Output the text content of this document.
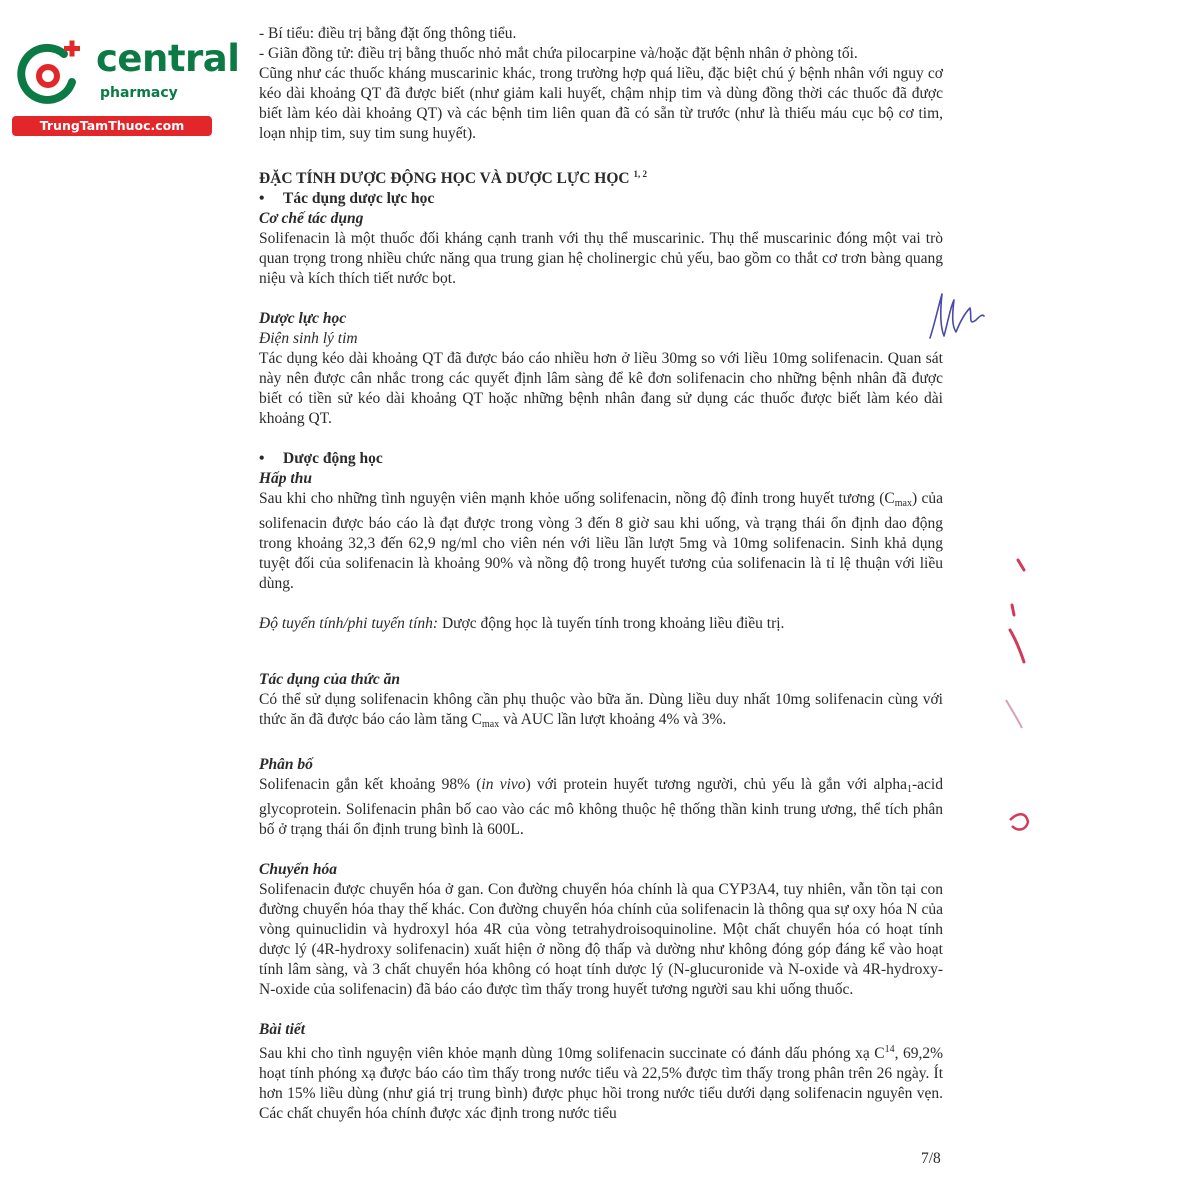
central
pharmacy
TrungTamThuoc.com

- Bí tiểu: điều trị bằng đặt ống thông tiểu.

- Giãn đồng tử: điều trị bằng thuốc nhỏ mắt chứa pilocarpine và/hoặc đặt bệnh nhân ở phòng tối.

Cũng như các thuốc kháng muscarinic khác, trong trường hợp quá liều, đặc biệt chú ý bệnh nhân với nguy cơ kéo dài khoảng QT đã được biết (như giảm kali huyết, chậm nhịp tim và dùng đồng thời các thuốc đã được biết làm kéo dài khoảng QT) và các bệnh tim liên quan đã có sẵn từ trước (như là thiếu máu cục bộ cơ tim, loạn nhịp tim, suy tim sung huyết).

ĐẶC TÍNH DƯỢC ĐỘNG HỌC VÀ DƯỢC LỰC HỌC $^{1, 2}$

• Tác dụng dược lực học

Cơ chế tác dụng

Solifenacin là một thuốc đối kháng cạnh tranh với thụ thể muscarinic. Thụ thể muscarinic đóng một vai trò quan trọng trong nhiều chức năng qua trung gian hệ cholinergic chủ yếu, bao gồm co thắt cơ trơn bàng quang niệu và kích thích tiết nước bọt.

Dược lực học

Điện sinh lý tim

Tác dụng kéo dài khoảng QT đã được báo cáo nhiều hơn ở liều 30mg so với liều 10mg solifenacin. Quan sát này nên được cân nhắc trong các quyết định lâm sàng để kê đơn solifenacin cho những bệnh nhân đã được biết có tiền sử kéo dài khoảng QT hoặc những bệnh nhân đang sử dụng các thuốc được biết làm kéo dài khoảng QT.

• Dược động học

Hấp thu

Sau khi cho những tình nguyện viên mạnh khỏe uống solifenacin, nồng độ đỉnh trong huyết tương $(C_{max})$ của solifenacin được báo cáo là đạt được trong vòng 3 đến 8 giờ sau khi uống, và trạng thái ổn định dao động trong khoảng 32,3 đến 62,9 ng/ml cho viên nén với liều lần lượt 5mg và 10mg solifenacin. Sinh khả dụng tuyệt đối của solifenacin là khoảng 90% và nồng độ trong huyết tương của solifenacin là tỉ lệ thuận với liều dùng.

Độ tuyến tính/phi tuyến tính: Dược động học là tuyến tính trong khoảng liều điều trị.

Tác dụng của thức ăn

Có thể sử dụng solifenacin không cần phụ thuộc vào bữa ăn. Dùng liều duy nhất 10mg solifenacin cùng với thức ăn đã được báo cáo làm tăng $C_{max}$ và AUC lần lượt khoảng 4% và 3%.

Phân bố

Solifenacin gắn kết khoảng 98% (in vivo) với protein huyết tương người, chủ yếu là gắn với alpha$_1$-acid glycoprotein. Solifenacin phân bố cao vào các mô không thuộc hệ thống thần kinh trung ương, thể tích phân bố ở trạng thái ổn định trung bình là 600L.

Chuyển hóa

Solifenacin được chuyển hóa ở gan. Con đường chuyển hóa chính là qua CYP3A4, tuy nhiên, vẫn tồn tại con đường chuyển hóa thay thế khác. Con đường chuyển hóa chính của solifenacin là thông qua sự oxy hóa N của vòng quinuclidin và hydroxyl hóa 4R của vòng tetrahydroisoquinoline. Một chất chuyển hóa có hoạt tính dược lý (4R-hydroxy solifenacin) xuất hiện ở nồng độ thấp và dường như không đóng góp đáng kể vào hoạt tính lâm sàng, và 3 chất chuyển hóa không có hoạt tính dược lý (N-glucuronide và N-oxide và 4R-hydroxy-N-oxide của solifenacin) đã báo cáo được tìm thấy trong huyết tương người sau khi uống thuốc.

Bài tiết

Sau khi cho tình nguyện viên khỏe mạnh dùng 10mg solifenacin succinate có đánh dấu phóng xạ $C^{14}$, 69,2% hoạt tính phóng xạ được báo cáo tìm thấy trong nước tiểu và 22,5% được tìm thấy trong phân trên 26 ngày. Ít hơn 15% liều dùng (như giá trị trung bình) được phục hồi trong nước tiểu dưới dạng solifenacin nguyên vẹn. Các chất chuyển hóa chính được xác định trong nước tiểu

7/8
